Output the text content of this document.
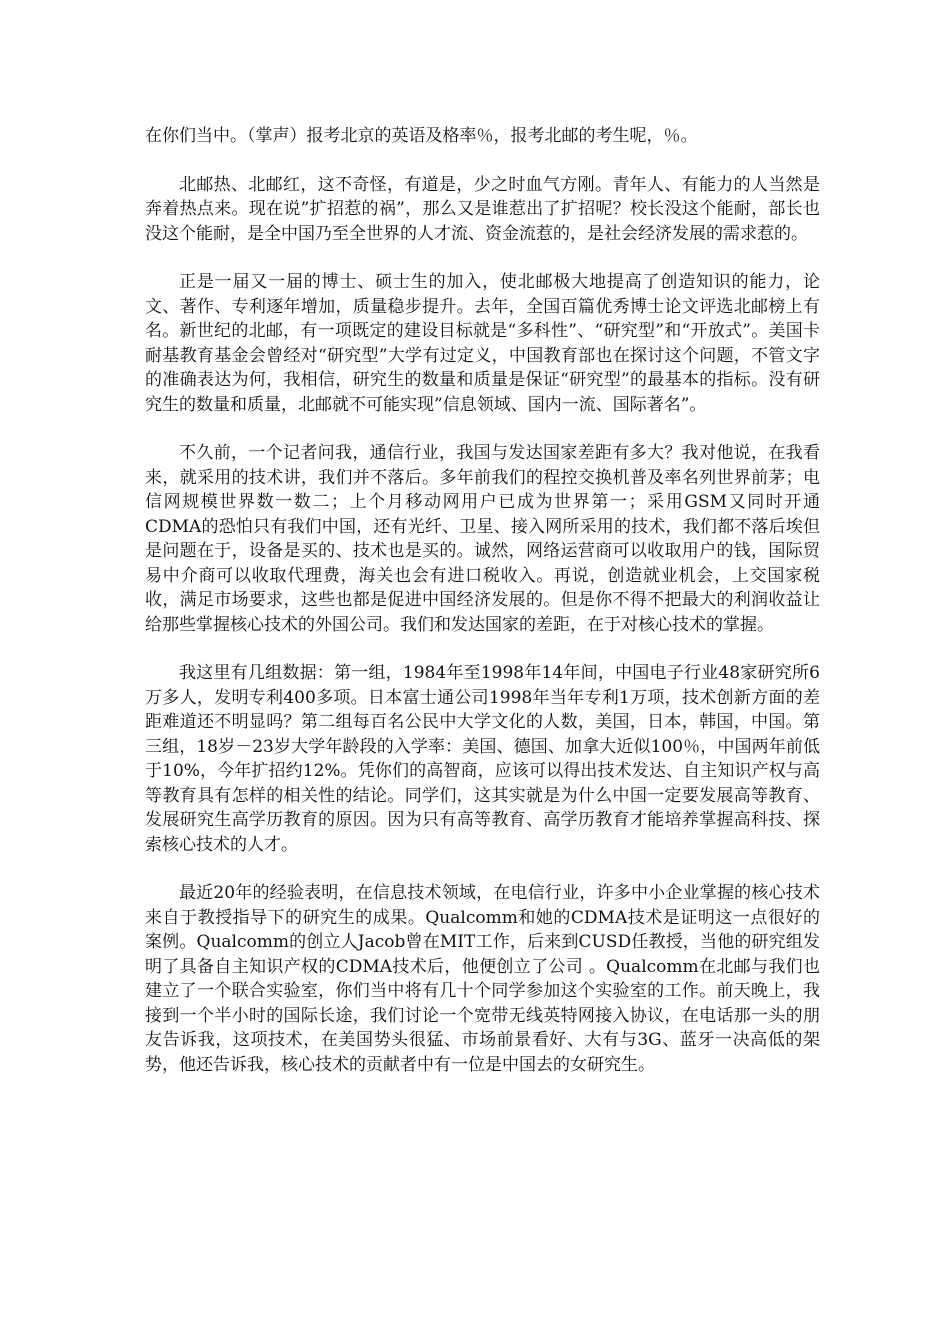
在你们当中。（掌声）报考北京的英语及格率％，报考北邮的考生呢，％。

北邮热、北邮红，这不奇怪，有道是，少之时血气方刚。青年人、有能力的人当然是奔着热点来。现在说”扩招惹的祸”，那么又是谁惹出了扩招呢？校长没这个能耐，部长也没这个能耐，是全中国乃至全世界的人才流、资金流惹的，是社会经济发展的需求惹的。

正是一届又一届的博士、硕士生的加入，使北邮极大地提高了创造知识的能力，论文、著作、专利逐年增加，质量稳步提升。去年，全国百篇优秀博士论文评选北邮榜上有名。新世纪的北邮，有一项既定的建设目标就是“多科性”、“研究型”和“开放式”。美国卡耐基教育基金会曾经对“研究型”大学有过定义，中国教育部也在探讨这个问题，不管文字的准确表达为何，我相信，研究生的数量和质量是保证“研究型”的最基本的指标。没有研究生的数量和质量，北邮就不可能实现”信息领域、国内一流、国际著名”。

不久前，一个记者问我，通信行业，我国与发达国家差距有多大？我对他说，在我看来，就采用的技术讲，我们并不落后。多年前我们的程控交换机普及率名列世界前茅；电信网规模世界数一数二；上个月移动网用户已成为世界第一；采用GSM又同时开通CDMA的恐怕只有我们中国，还有光纤、卫星、接入网所采用的技术，我们都不落后埃但是问题在于，设备是买的、技术也是买的。诚然，网络运营商可以收取用户的钱，国际贸易中介商可以收取代理费，海关也会有进口税收入。再说，创造就业机会，上交国家税收，满足市场要求，这些也都是促进中国经济发展的。但是你不得不把最大的利润收益让给那些掌握核心技术的外国公司。我们和发达国家的差距，在于对核心技术的掌握。

我这里有几组数据：第一组，1984年至1998年14年间，中国电子行业48家研究所6万多人，发明专利400多项。日本富士通公司1998年当年专利1万项，技术创新方面的差距难道还不明显吗？第二组每百名公民中大学文化的人数，美国，日本，韩国，中国。第三组，18岁－23岁大学年龄段的入学率：美国、德国、加拿大近似100％，中国两年前低于10%，今年扩招约12%。凭你们的高智商，应该可以得出技术发达、自主知识产权与高等教育具有怎样的相关性的结论。同学们，这其实就是为什么中国一定要发展高等教育、发展研究生高学历教育的原因。因为只有高等教育、高学历教育才能培养掌握高科技、探索核心技术的人才。

最近20年的经验表明，在信息技术领域，在电信行业，许多中小企业掌握的核心技术来自于教授指导下的研究生的成果。Qualcomm和她的CDMA技术是证明这一点很好的案例。Qualcomm的创立人Jacob曾在MIT工作，后来到CUSD任教授，当他的研究组发明了具备自主知识产权的CDMA技术后，他便创立了公司 。Qualcomm在北邮与我们也建立了一个联合实验室，你们当中将有几十个同学参加这个实验室的工作。前天晚上，我接到一个半小时的国际长途，我们讨论一个宽带无线英特网接入协议，在电话那一头的朋友告诉我，这项技术，在美国势头很猛、市场前景看好、大有与3G、蓝牙一决高低的架势，他还告诉我，核心技术的贡献者中有一位是中国去的女研究生。
